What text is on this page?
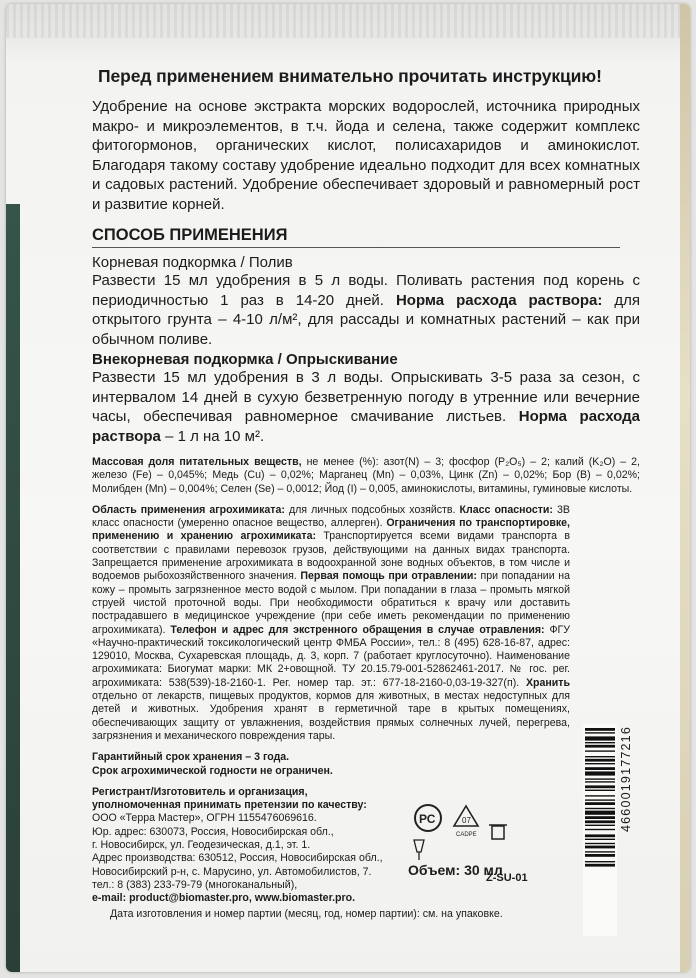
Перед применением внимательно прочитать инструкцию!

Удобрение на основе экстракта морских водорослей, источника природных макро- и микроэлементов, в т.ч. йода и селена, также содержит комплекс фитогормонов, органических кислот, полисахаридов и аминокислот. Благодаря такому составу удобрение идеально подходит для всех комнатных и садовых растений. Удобрение обеспечивает здоровый и равномерный рост и развитие корней.

СПОСОБ ПРИМЕНЕНИЯ
Корневая подкормка / Полив

Развести 15 мл удобрения в 5 л воды. Поливать растения под корень с периодичностью 1 раз в 14-20 дней. Норма расхода раствора: для открытого грунта – 4-10 л/м², для рассады и комнатных растений – как при обычном поливе.

Внекорневая подкормка / Опрыскивание

Развести 15 мл удобрения в 3 л воды. Опрыскивать 3-5 раза за сезон, с интервалом 14 дней в сухую безветренную погоду в утренние или вечерние часы, обеспечивая равномерное смачивание листьев. Норма расхода раствора – 1 л на 10 м².

Массовая доля питательных веществ, не менее (%): азот(N) – 3; фосфор (P₂O₅) – 2; калий (K₂O) – 2, железо (Fe) – 0,045%; Медь (Cu) – 0,02%; Марганец (Mn) – 0,03%, Цинк (Zn) – 0,02%; Бор (B) – 0,02%; Молибден (Mn) – 0,004%; Селен (Se) – 0,0012; Йод (I) – 0,005, аминокислоты, витамины, гуминовые кислоты.

Область применения агрохимиката: для личных подсобных хозяйств. Класс опасности: 3В класс опасности (умеренно опасное вещество, аллерген). Ограничения по транспортировке, применению и хранению агрохимиката: Транспортируется всеми видами транспорта в соответствии с правилами перевозок грузов, действующими на данных видах транспорта. Запрещается применение агрохимиката в водоохранной зоне водных объектов, в том числе и водоемов рыбохозяйственного значения. Первая помощь при отравлении: при попадании на кожу – промыть загрязненное место водой с мылом. При попадании в глаза – промыть мягкой струей чистой проточной воды. При необходимости обратиться к врачу или доставить пострадавшего в медицинское учреждение (при себе иметь рекомендации по применению агрохимиката). Телефон и адрес для экстренного обращения в случае отравления: ФГУ «Научно-практический токсикологический центр ФМБА России», тел.: 8 (495) 628-16-87, адрес: 129010, Москва, Сухаревская площадь, д. 3, корп. 7 (работает круглосуточно). Наименование агрохимиката: Биогумат марки: МК 2+овощной. ТУ 20.15.79-001-52862461-2017. № гос. рег. агрохимиката: 538(539)-18-2160-1. Рег. номер тар. эт.: 677-18-2160-0,03-19-327(п). Хранить отдельно от лекарств, пищевых продуктов, кормов для животных, в местах недоступных для детей и животных. Удобрения хранят в герметичной таре в крытых помещениях, обеспечивающих защиту от увлажнения, воздействия прямых солнечных лучей, перегрева, загрязнения и механического повреждения тары.

Гарантийный срок хранения – 3 года.
Срок агрохимической годности не ограничен.

Регистрант/Изготовитель и организация, уполномоченная принимать претензии по качеству:
ООО «Терра Мастер», ОГРН 1155476069616.
Юр. адрес: 630073, Россия, Новосибирская обл.,
г. Новосибирск, ул. Геодезическая, д.1, эт. 1.
Адрес производства: 630512, Россия, Новосибирская обл.,
Новосибирский р-н, с. Марусино, ул. Автомобилистов, 7.
тел.: 8 (383) 233-79-79 (многоканальный),
e-mail: product@biomaster.pro, www.biomaster.pro.

РС	07
CADPE
Объем: 30 мл
Z-SU-01
4660019177216
Дата изготовления и номер партии (месяц, год, номер партии): см. на упаковке.
